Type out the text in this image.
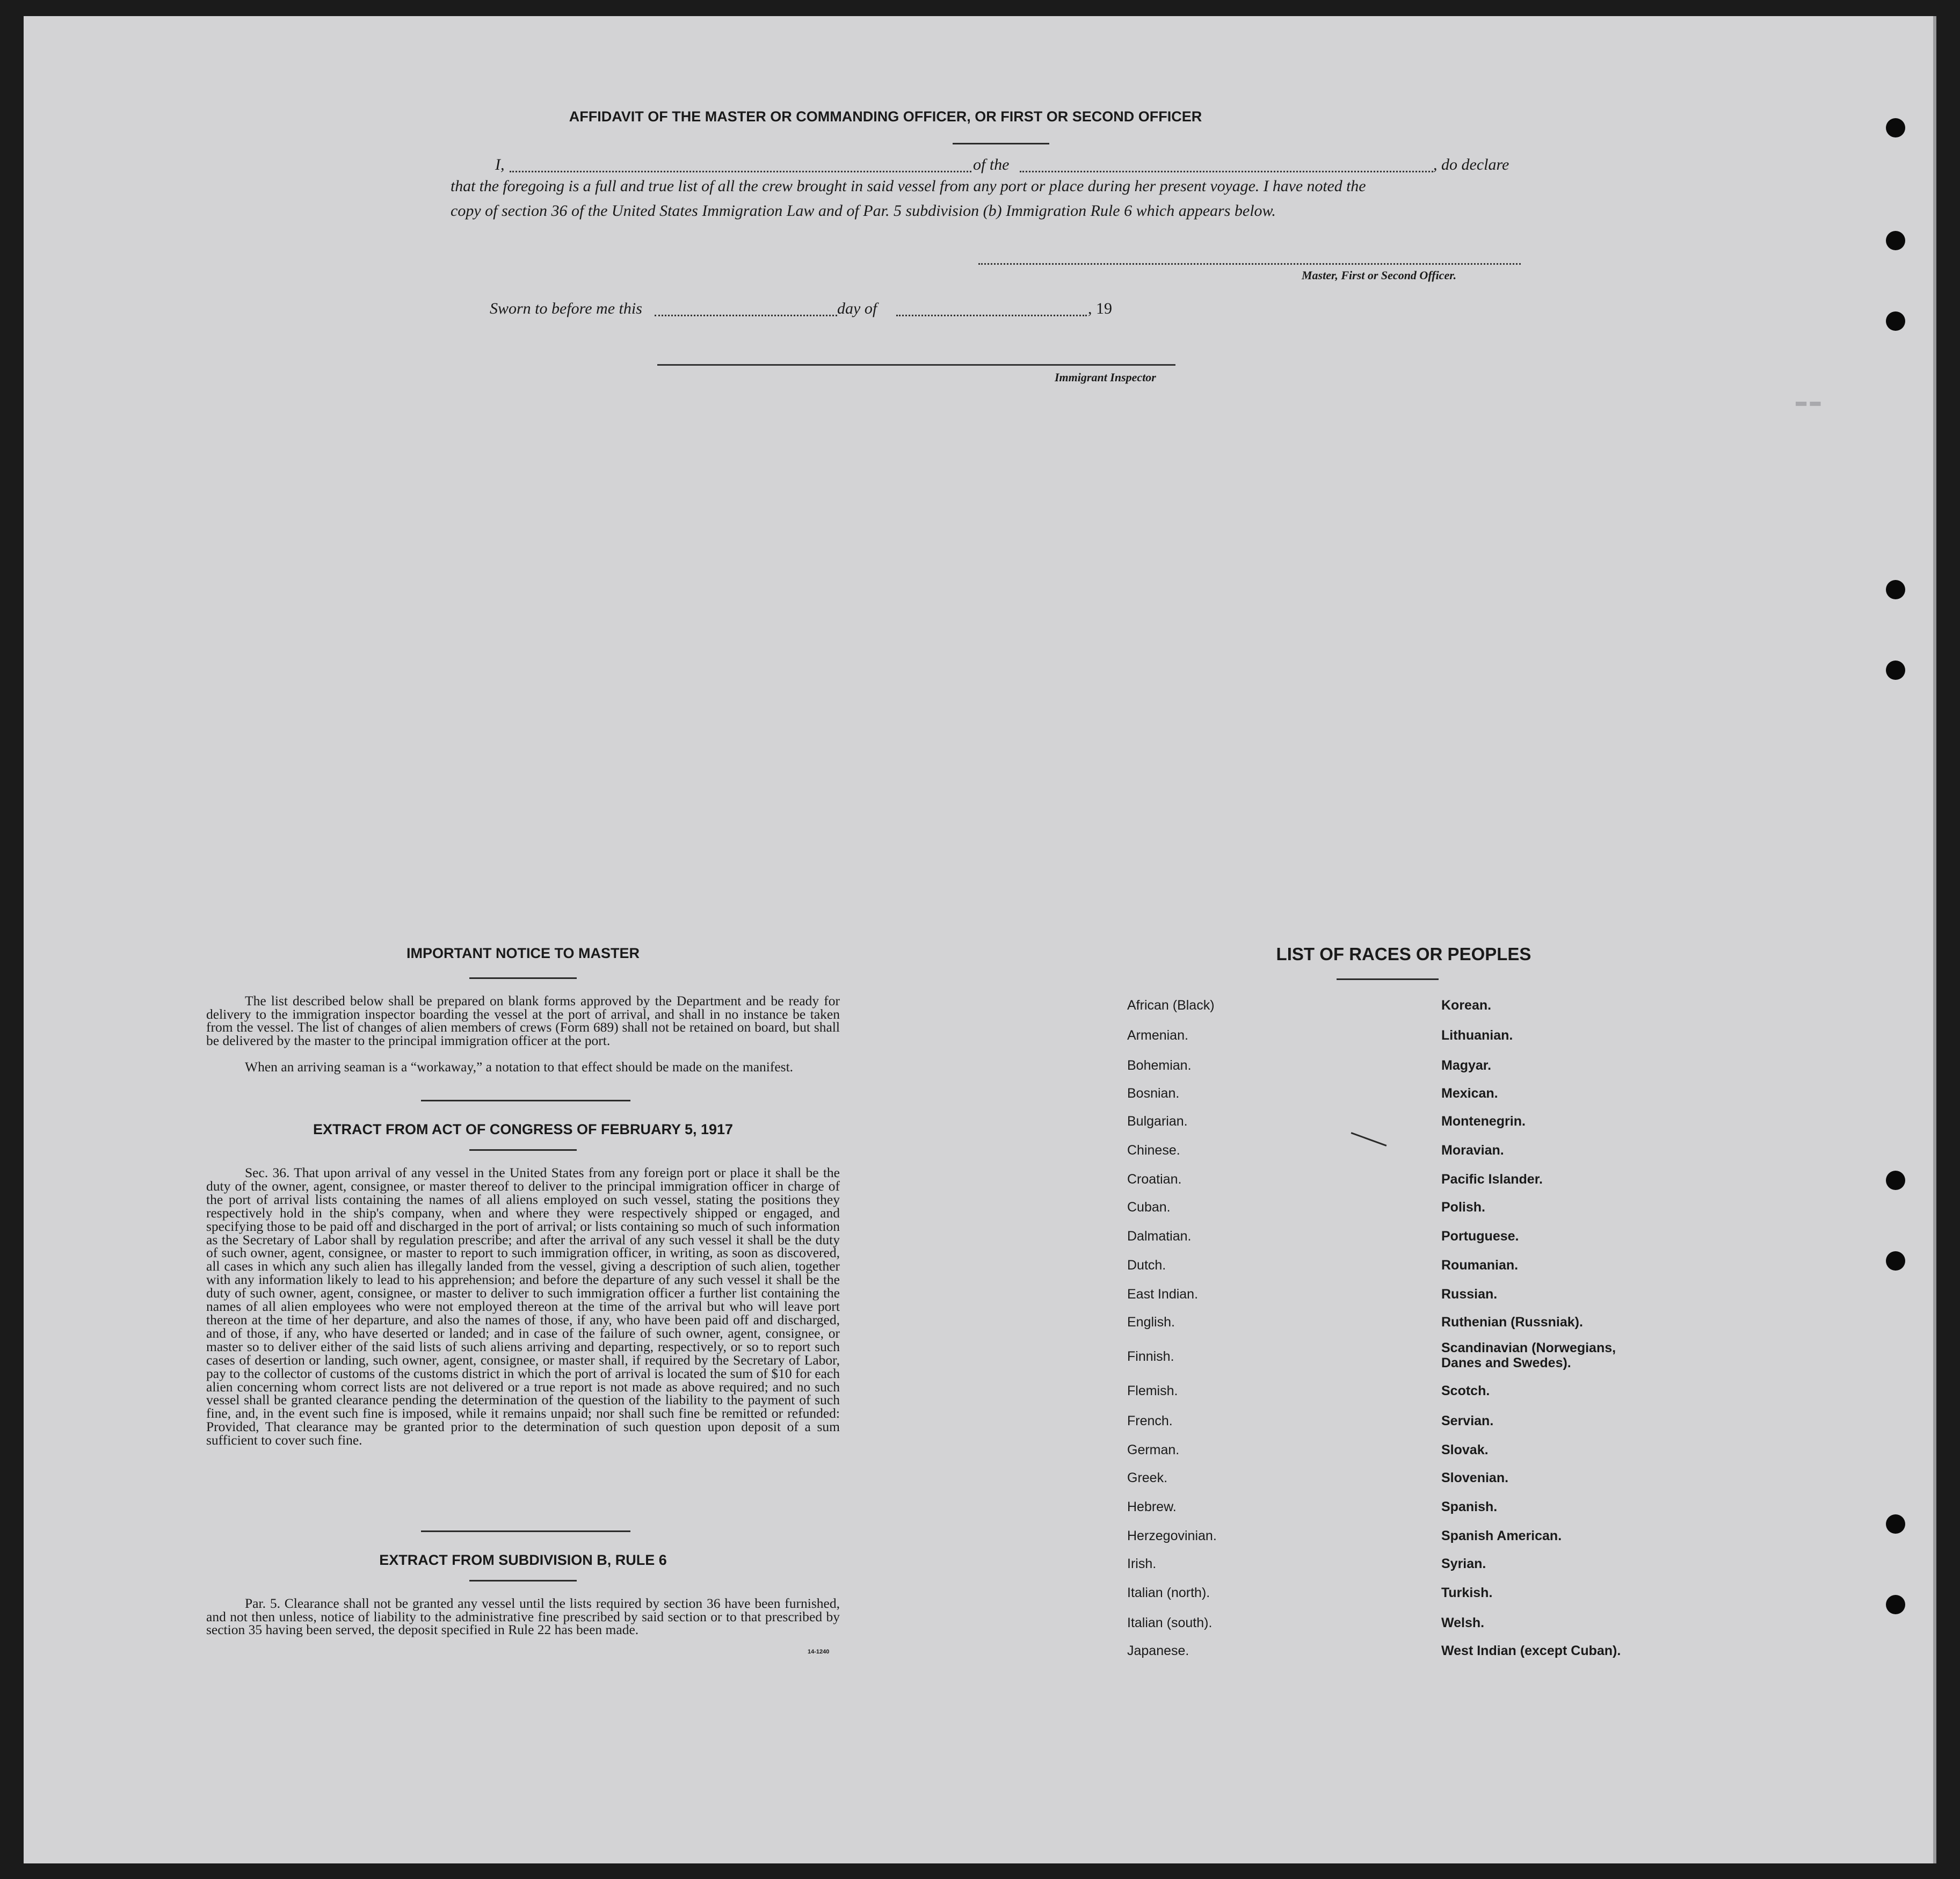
▬▬
AFFIDAVIT OF THE MASTER OR COMMANDING OFFICER, OR FIRST OR SECOND OFFICER
I,	of the	, do declare
that the foregoing is a full and true list of all the crew brought in said vessel from any port or place during her present voyage. I have noted the
copy of section 36 of the United States Immigration Law and of Par. 5 subdivision (b) Immigration Rule 6 which appears below.
Master, First or Second Officer.
Sworn to before me this	day of	, 19
Immigrant Inspector
IMPORTANT NOTICE TO MASTER
The list described below shall be prepared on blank forms approved by the Department and be ready for delivery to the immigration inspector boarding the vessel at the port of arrival, and shall in no instance be taken from the vessel. The list of changes of alien members of crews (Form 689) shall not be retained on board, but shall be delivered by the master to the principal immigration officer at the port.
When an arriving seaman is a “workaway,” a notation to that effect should be made on the manifest.
EXTRACT FROM ACT OF CONGRESS OF FEBRUARY 5, 1917
Sec. 36. That upon arrival of any vessel in the United States from any foreign port or place it shall be the duty of the owner, agent, consignee, or master thereof to deliver to the principal immigration officer in charge of the port of arrival lists containing the names of all aliens employed on such vessel, stating the positions they respectively hold in the ship's company, when and where they were respectively shipped or engaged, and specifying those to be paid off and discharged in the port of arrival; or lists containing so much of such information as the Secretary of Labor shall by regulation prescribe; and after the arrival of any such vessel it shall be the duty of such owner, agent, consignee, or master to report to such immigration officer, in writing, as soon as discovered, all cases in which any such alien has illegally landed from the vessel, giving a description of such alien, together with any information likely to lead to his apprehension; and before the departure of any such vessel it shall be the duty of such owner, agent, consignee, or master to deliver to such immigration officer a further list containing the names of all alien employees who were not employed thereon at the time of the arrival but who will leave port thereon at the time of her departure, and also the names of those, if any, who have been paid off and discharged, and of those, if any, who have deserted or landed; and in case of the failure of such owner, agent, consignee, or master so to deliver either of the said lists of such aliens arriving and departing, respectively, or so to report such cases of desertion or landing, such owner, agent, consignee, or master shall, if required by the Secretary of Labor, pay to the collector of customs of the customs district in which the port of arrival is located the sum of $10 for each alien concerning whom correct lists are not delivered or a true report is not made as above required; and no such vessel shall be granted clearance pending the determination of the question of the liability to the payment of such fine, and, in the event such fine is imposed, while it remains unpaid; nor shall such fine be remitted or refunded: Provided, That clearance may be granted prior to the determination of such question upon deposit of a sum sufficient to cover such fine.
EXTRACT FROM SUBDIVISION B, RULE 6
Par. 5. Clearance shall not be granted any vessel until the lists required by section 36 have been furnished, and not then unless, notice of liability to the administrative fine prescribed by said section or to that prescribed by section 35 having been served, the deposit specified in Rule 22 has been made.
14-1240
LIST OF RACES OR PEOPLES
African (Black)
Armenian.
Bohemian.
Bosnian.
Bulgarian.
Chinese.
Croatian.
Cuban.
Dalmatian.
Dutch.
East Indian.
English.
Finnish.
Flemish.
French.
German.
Greek.
Hebrew.
Herzegovinian.
Irish.
Italian (north).
Italian (south).
Japanese.
Korean.
Lithuanian.
Magyar.
Mexican.
Montenegrin.
Moravian.
Pacific Islander.
Polish.
Portuguese.
Roumanian.
Russian.
Ruthenian (Russniak).
Scandinavian (Norwegians,
Danes and Swedes).
Scotch.
Servian.
Slovak.
Slovenian.
Spanish.
Spanish American.
Syrian.
Turkish.
Welsh.
West Indian (except Cuban).
